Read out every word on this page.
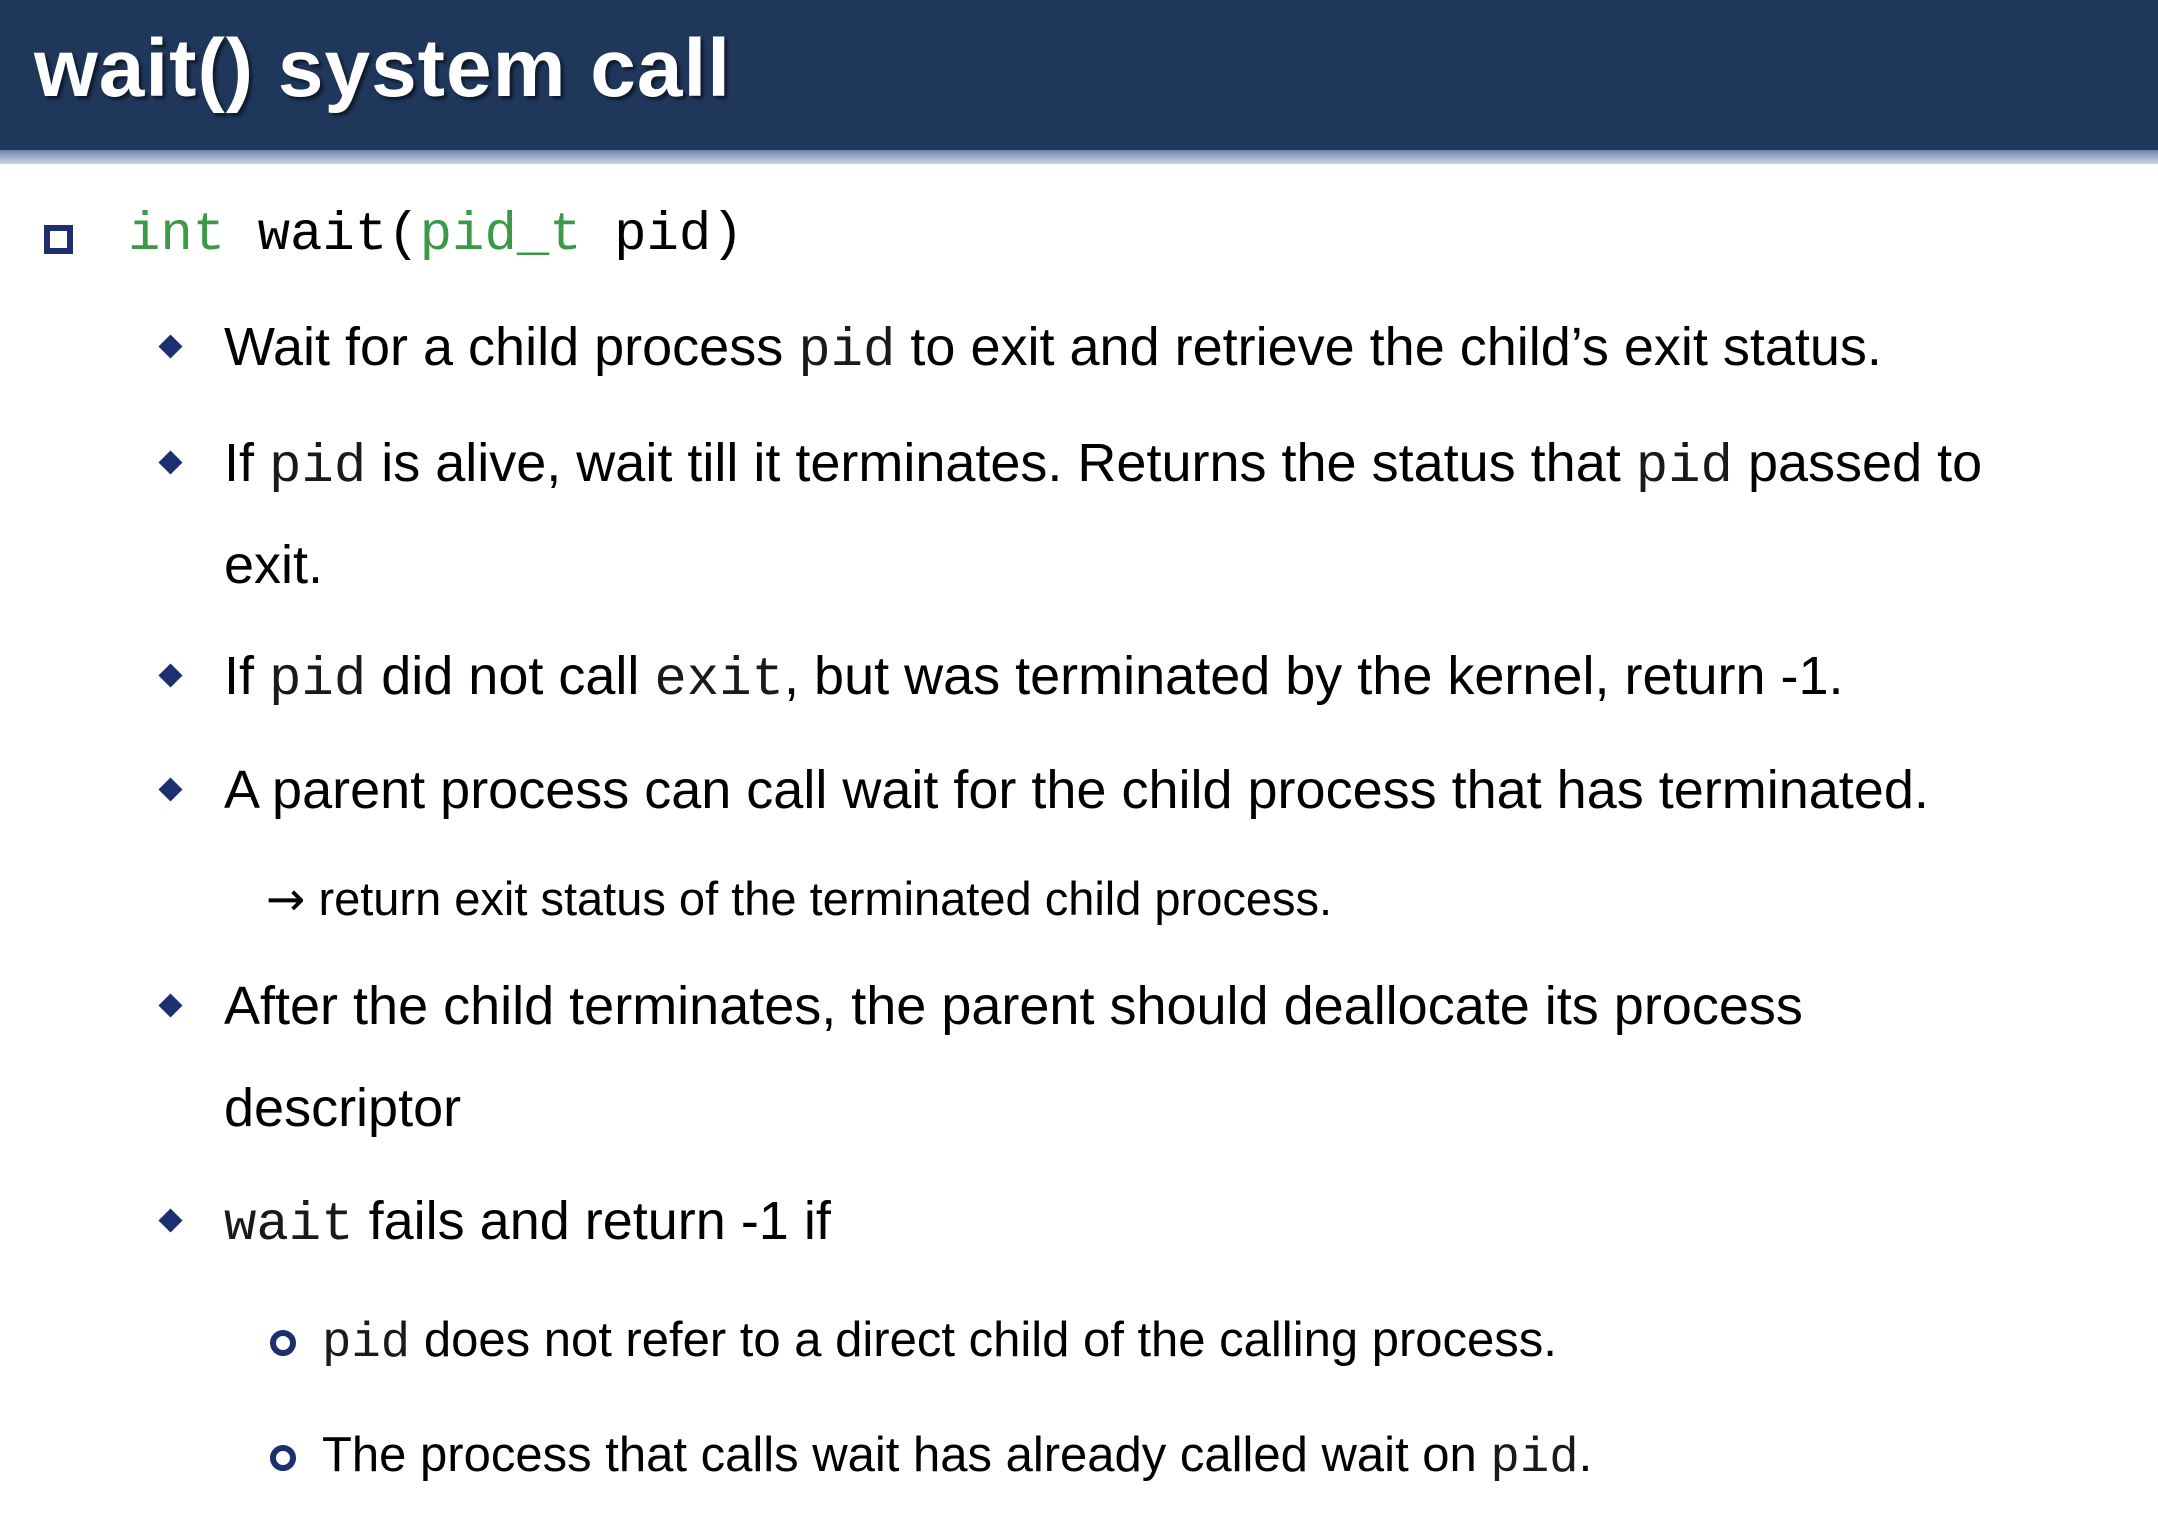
wait() system call
int wait(pid_t pid)
Wait for a child process pid to exit and retrieve the child’s exit status.
If pid is alive, wait till it terminates. Returns the status that pid passed to
exit.
If pid did not call exit, but was terminated by the kernel, return -1.
A parent process can call wait for the child process that has terminated.
→ return exit status of the terminated child process.
After the child terminates, the parent should deallocate its process
descriptor
wait fails and return -1 if
pid does not refer to a direct child of the calling process.
The process that calls wait has already called wait on pid.
